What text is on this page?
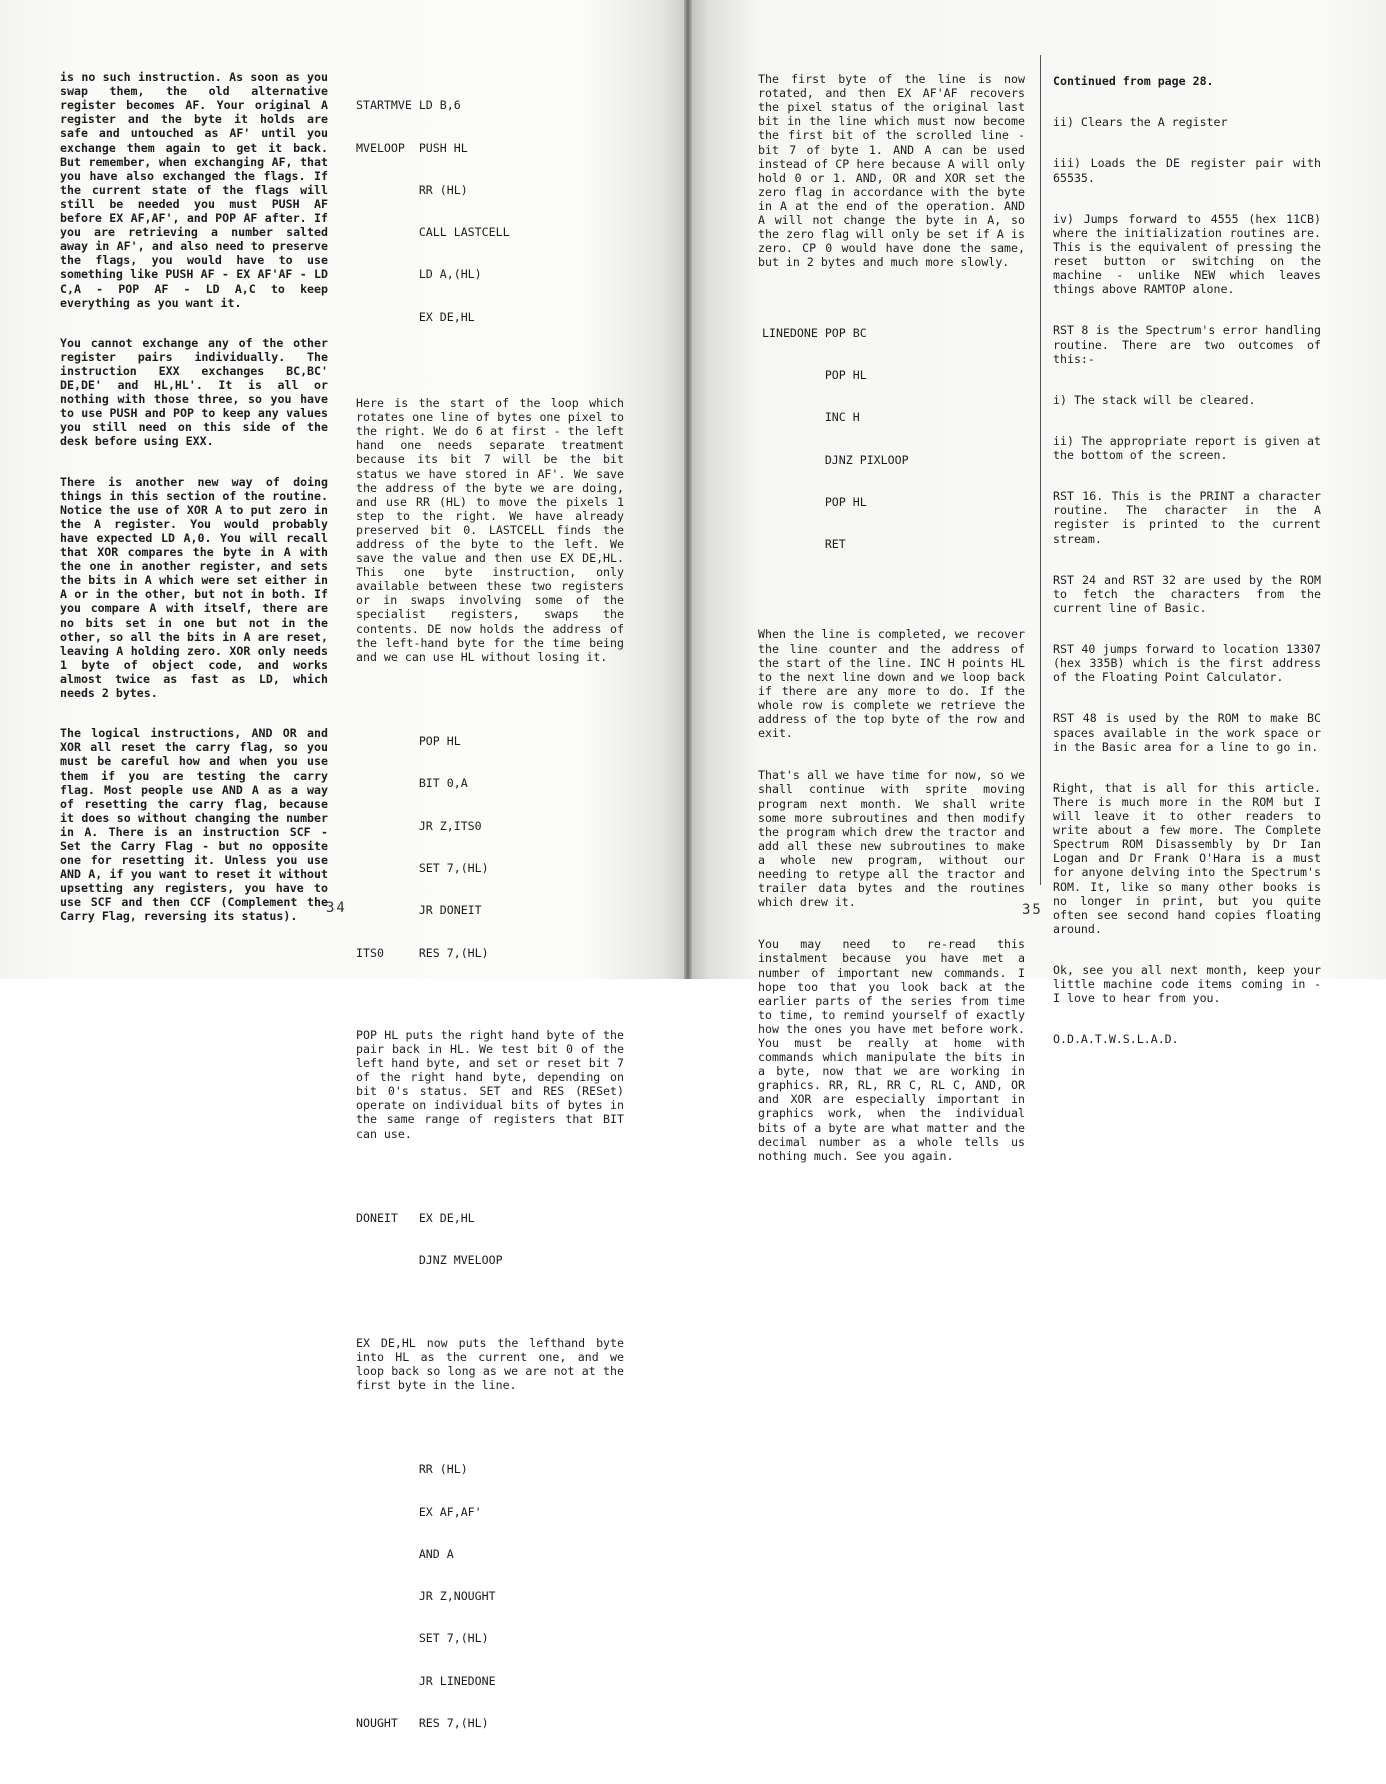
is no such instruction. As soon as you swap them, the old alternative register becomes AF. Your original A register and the byte it holds are safe and untouched as AF' until you exchange them again to get it back. But remember, when exchanging AF, that you have also exchanged the flags. If the current state of the flags will still be needed you must PUSH AF before EX AF,AF', and POP AF after. If you are retrieving a number salted away in AF', and also need to preserve the flags, you would have to use something like PUSH AF - EX AF'AF - LD C,A - POP AF - LD A,C to keep everything as you want it.

You cannot exchange any of the other register pairs individually. The instruction EXX exchanges BC,BC' DE,DE' and HL,HL'. It is all or nothing with those three, so you have to use PUSH and POP to keep any values you still need on this side of the desk before using EXX.

There is another new way of doing things in this section of the routine. Notice the use of XOR A to put zero in the A register. You would probably have expected LD A,0. You will recall that XOR compares the byte in A with the one in another register, and sets the bits in A which were set either in A or in the other, but not in both. If you compare A with itself, there are no bits set in one but not in the other, so all the bits in A are reset, leaving A holding zero. XOR only needs 1 byte of object code, and works almost twice as fast as LD, which needs 2 bytes.

The logical instructions, AND OR and XOR all reset the carry flag, so you must be careful how and when you use them if you are testing the carry flag. Most people use AND A as a way of resetting the carry flag, because it does so without changing the number in A. There is an instruction SCF - Set the Carry Flag - but no opposite one for resetting it. Unless you use AND A, if you want to reset it without upsetting any registers, you have to use SCF and then CCF (Complement the Carry Flag, reversing its status).

STARTMVE LD B,6

MVELOOP  PUSH HL

RR (HL)

CALL LASTCELL

LD A,(HL)

EX DE,HL

Here is the start of the loop which rotates one line of bytes one pixel to the right. We do 6 at first - the left hand one needs separate treatment because its bit 7 will be the bit status we have stored in AF'. We save the address of the byte we are doing, and use RR (HL) to move the pixels 1 step to the right. We have already preserved bit 0. LASTCELL finds the address of the byte to the left. We save the value and then use EX DE,HL. This one byte instruction, only available between these two registers or in swaps involving some of the specialist registers, swaps the contents. DE now holds the address of the left-hand byte for the time being and we can use HL without losing it.

POP HL

BIT 0,A

JR Z,ITS0

SET 7,(HL)

JR DONEIT

ITS0     RES 7,(HL)

POP HL puts the right hand byte of the pair back in HL. We test bit 0 of the left hand byte, and set or reset bit 7 of the right hand byte, depending on bit 0's status. SET and RES (RESet) operate on individual bits of bytes in the same range of registers that BIT can use.

DONEIT   EX DE,HL

DJNZ MVELOOP

EX DE,HL now puts the lefthand byte into HL as the current one, and we loop back so long as we are not at the first byte in the line.

RR (HL)

EX AF,AF'

AND A

JR Z,NOUGHT

SET 7,(HL)

JR LINEDONE

NOUGHT   RES 7,(HL)

34

The first byte of the line is now rotated, and then EX AF'AF recovers the pixel status of the original last bit in the line which must now become the first bit of the scrolled line - bit 7 of byte 1. AND A can be used instead of CP here because A will only hold 0 or 1. AND, OR and XOR set the zero flag in accordance with the byte in A at the end of the operation. AND A will not change the byte in A, so the zero flag will only be set if A is zero. CP 0 would have done the same, but in 2 bytes and much more slowly.

LINEDONE POP BC

POP HL

INC H

DJNZ PIXLOOP

POP HL

RET

When the line is completed, we recover the line counter and the address of the start of the line. INC H points HL to the next line down and we loop back if there are any more to do. If the whole row is complete we retrieve the address of the top byte of the row and exit.

That's all we have time for now, so we shall continue with sprite moving program next month. We shall write some more subroutines and then modify the program which drew the tractor and add all these new subroutines to make a whole new program, without our needing to retype all the tractor and trailer data bytes and the routines which drew it.

You may need to re-read this instalment because you have met a number of important new commands. I hope too that you look back at the earlier parts of the series from time to time, to remind yourself of exactly how the ones you have met before work. You must be really at home with commands which manipulate the bits in a byte, now that we are working in graphics. RR, RL, RR C, RL C, AND, OR and XOR are especially important in graphics work, when the individual bits of a byte are what matter and the decimal number as a whole tells us nothing much. See you again.

Continued from page 28.

ii) Clears the A register

iii) Loads the DE register pair with 65535.

iv) Jumps forward to 4555 (hex 11CB) where the initialization routines are. This is the equivalent of pressing the reset button or switching on the machine - unlike NEW which leaves things above RAMTOP alone.

RST 8 is the Spectrum's error handling routine. There are two outcomes of this:-

i) The stack will be cleared.

ii) The appropriate report is given at the bottom of the screen.

RST 16. This is the PRINT a character routine. The character in the A register is printed to the current stream.

RST 24 and RST 32 are used by the ROM to fetch the characters from the current line of Basic.

RST 40 jumps forward to location 13307 (hex 335B) which is the first address of the Floating Point Calculator.

RST 48 is used by the ROM to make BC spaces available in the work space or in the Basic area for a line to go in.

Right, that is all for this article. There is much more in the ROM but I will leave it to other readers to write about a few more. The Complete Spectrum ROM Disassembly by Dr Ian Logan and Dr Frank O'Hara is a must for anyone delving into the Spectrum's ROM. It, like so many other books is no longer in print, but you quite often see second hand copies floating around.

Ok, see you all next month, keep your little machine code items coming in - I love to hear from you.

O.D.A.T.W.S.L.A.D.

35
